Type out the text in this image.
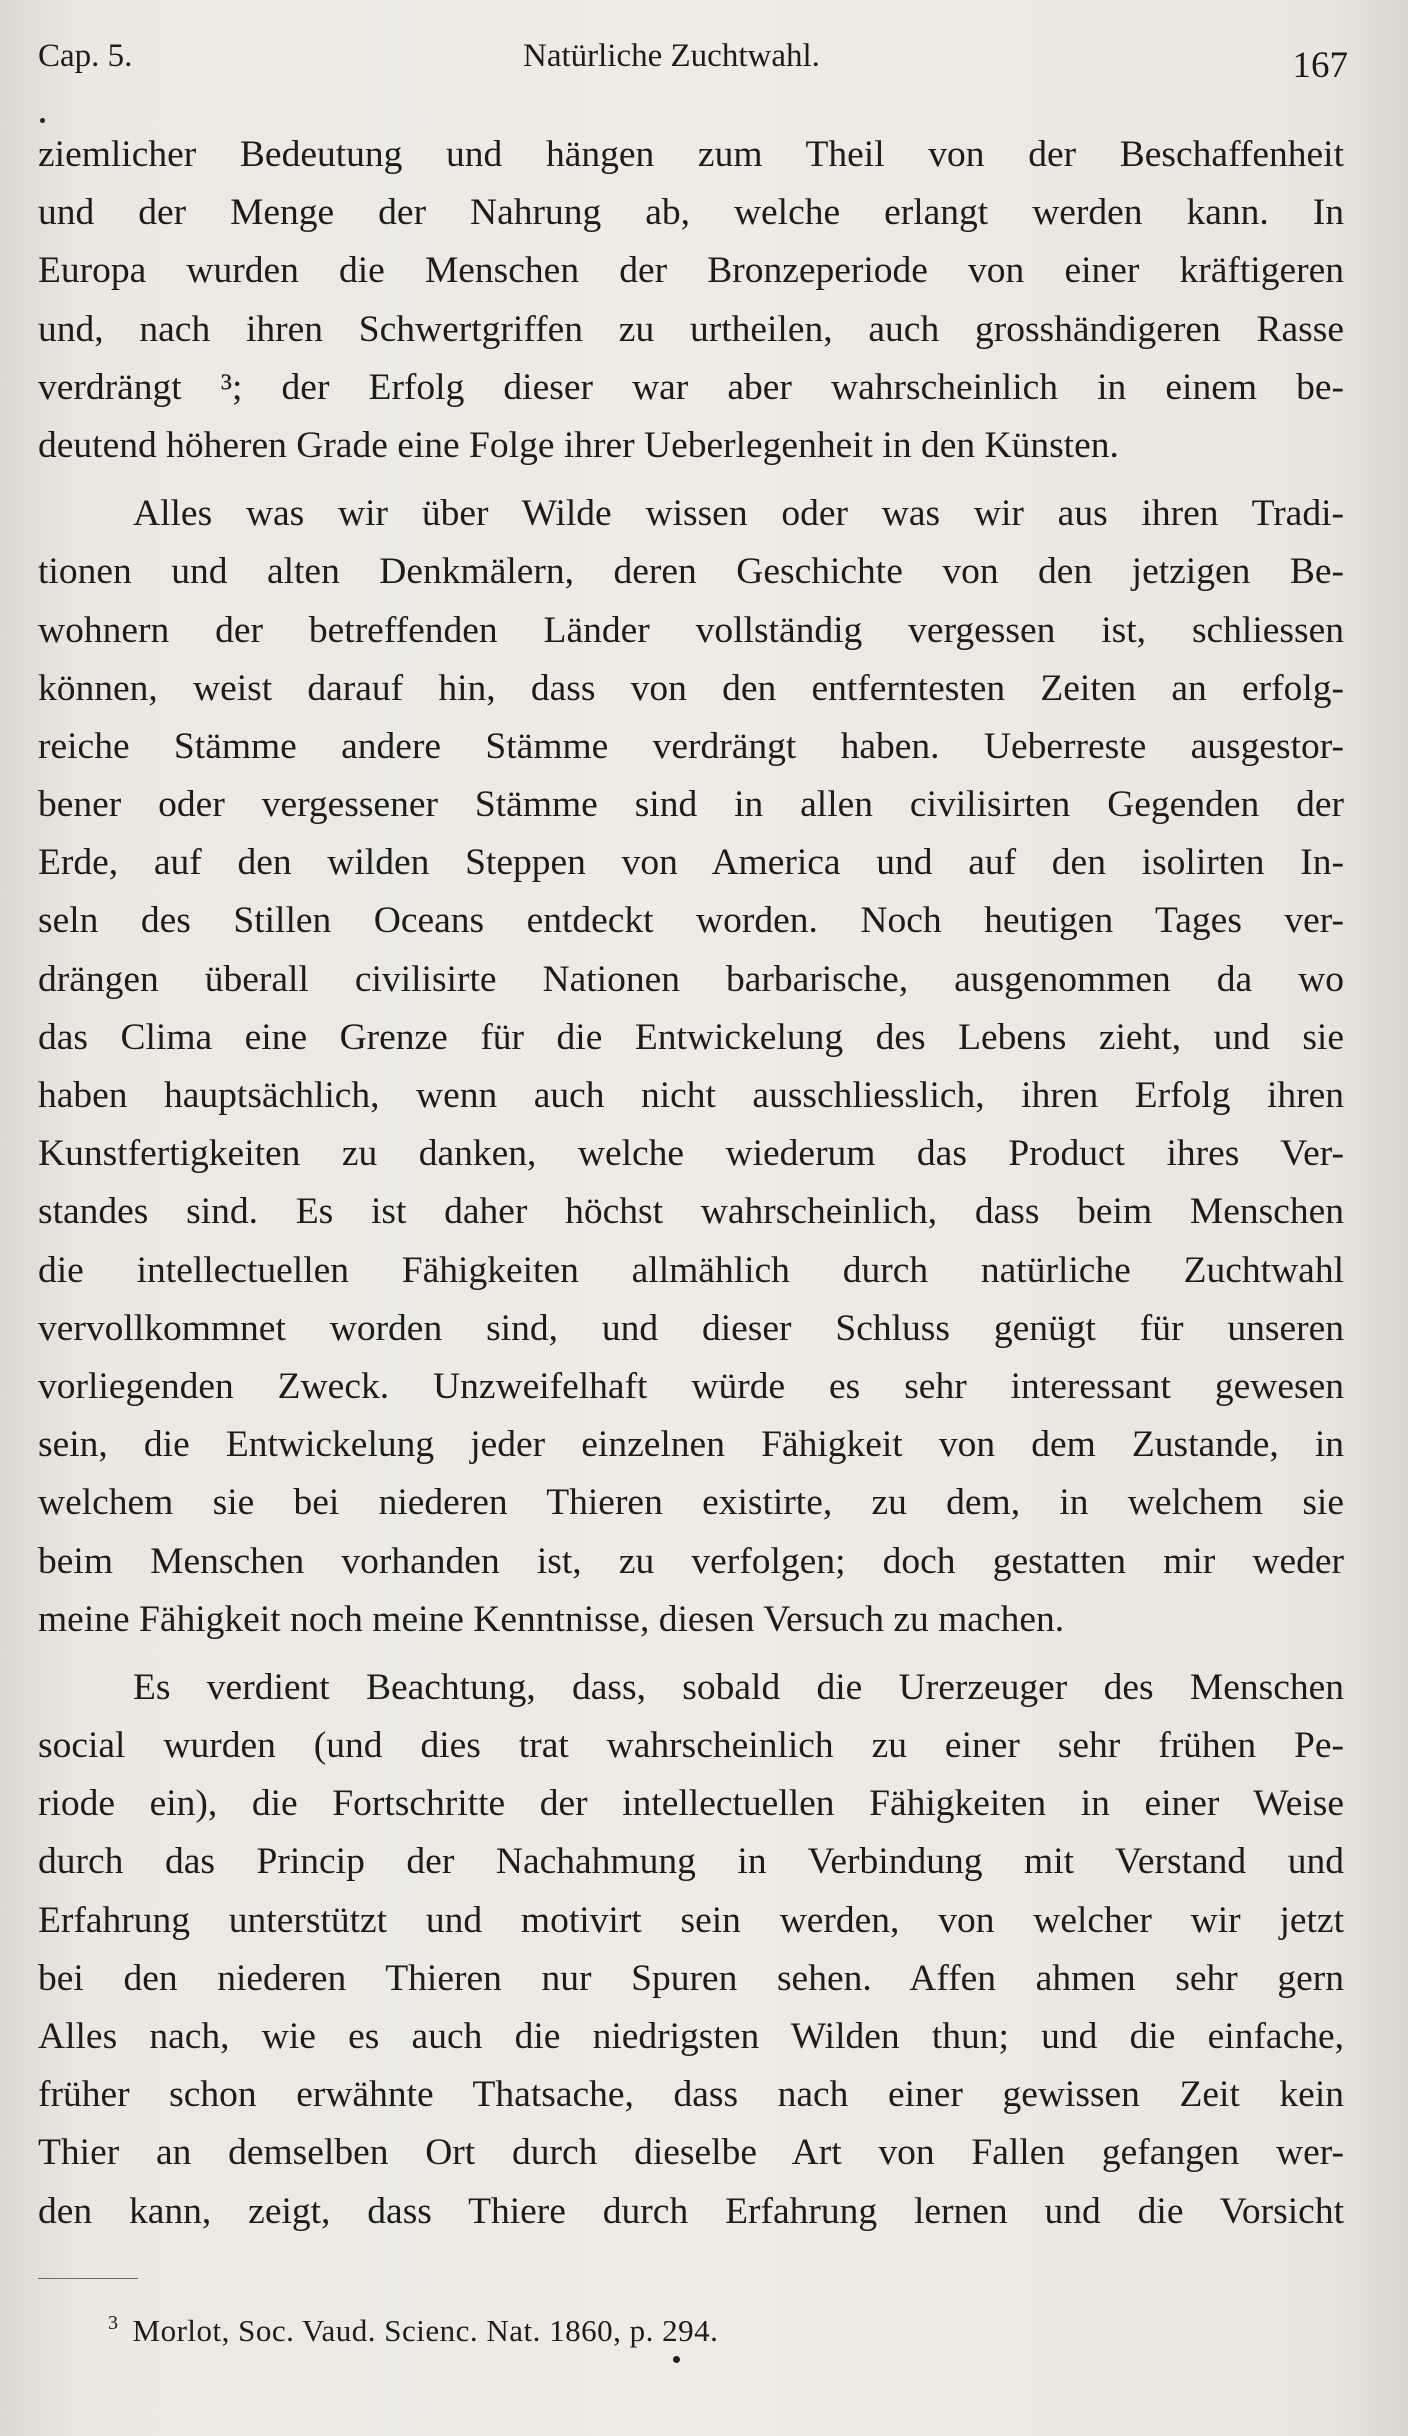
Cap. 5.	Natürliche Zuchtwahl.	167
ziemlicher Bedeutung und hängen zum Theil von der Beschaffenheit
und der Menge der Nahrung ab, welche erlangt werden kann. In
Europa wurden die Menschen der Bronzeperiode von einer kräftigeren
und, nach ihren Schwertgriffen zu urtheilen, auch grosshändigeren Rasse
verdrängt ³; der Erfolg dieser war aber wahrscheinlich in einem be-
deutend höheren Grade eine Folge ihrer Ueberlegenheit in den Künsten.
Alles was wir über Wilde wissen oder was wir aus ihren Tradi-
tionen und alten Denkmälern, deren Geschichte von den jetzigen Be-
wohnern der betreffenden Länder vollständig vergessen ist, schliessen
können, weist darauf hin, dass von den entferntesten Zeiten an erfolg-
reiche Stämme andere Stämme verdrängt haben. Ueberreste ausgestor-
bener oder vergessener Stämme sind in allen civilisirten Gegenden der
Erde, auf den wilden Steppen von America und auf den isolirten In-
seln des Stillen Oceans entdeckt worden. Noch heutigen Tages ver-
drängen überall civilisirte Nationen barbarische, ausgenommen da wo
das Clima eine Grenze für die Entwickelung des Lebens zieht, und sie
haben hauptsächlich, wenn auch nicht ausschliesslich, ihren Erfolg ihren
Kunstfertigkeiten zu danken, welche wiederum das Product ihres Ver-
standes sind. Es ist daher höchst wahrscheinlich, dass beim Menschen
die intellectuellen Fähigkeiten allmählich durch natürliche Zuchtwahl
vervollkommnet worden sind, und dieser Schluss genügt für unseren
vorliegenden Zweck. Unzweifelhaft würde es sehr interessant gewesen
sein, die Entwickelung jeder einzelnen Fähigkeit von dem Zustande, in
welchem sie bei niederen Thieren existirte, zu dem, in welchem sie
beim Menschen vorhanden ist, zu verfolgen; doch gestatten mir weder
meine Fähigkeit noch meine Kenntnisse, diesen Versuch zu machen.
Es verdient Beachtung, dass, sobald die Urerzeuger des Menschen
social wurden (und dies trat wahrscheinlich zu einer sehr frühen Pe-
riode ein), die Fortschritte der intellectuellen Fähigkeiten in einer Weise
durch das Princip der Nachahmung in Verbindung mit Verstand und
Erfahrung unterstützt und motivirt sein werden, von welcher wir jetzt
bei den niederen Thieren nur Spuren sehen. Affen ahmen sehr gern
Alles nach, wie es auch die niedrigsten Wilden thun; und die einfache,
früher schon erwähnte Thatsache, dass nach einer gewissen Zeit kein
Thier an demselben Ort durch dieselbe Art von Fallen gefangen wer-
den kann, zeigt, dass Thiere durch Erfahrung lernen und die Vorsicht
$^3$ Morlot, Soc. Vaud. Scienc. Nat. 1860, p. 294.
